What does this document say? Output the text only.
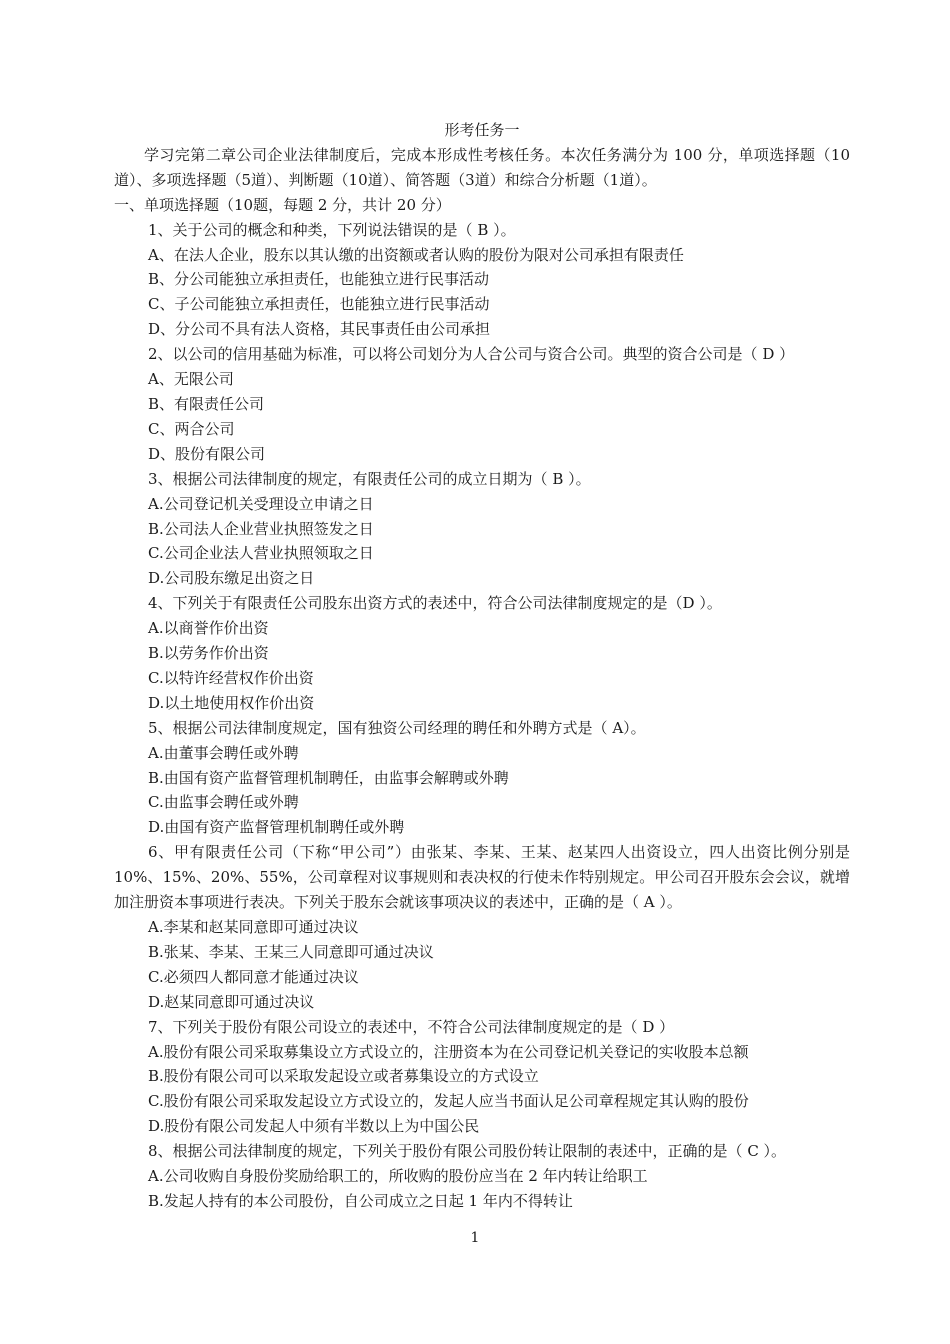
形考任务一

学习完第二章公司企业法律制度后，完成本形成性考核任务。本次任务满分为 100 分，单项选择题（10道）、多项选择题（5道）、判断题（10道）、简答题（3道）和综合分析题（1道）。

一、单项选择题（10题，每题 2 分，共计 20 分）

1、关于公司的概念和种类，下列说法错误的是（ B ）。

A、在法人企业，股东以其认缴的出资额或者认购的股份为限对公司承担有限责任

B、分公司能独立承担责任，也能独立进行民事活动

C、子公司能独立承担责任，也能独立进行民事活动

D、分公司不具有法人资格，其民事责任由公司承担

2、以公司的信用基础为标准，可以将公司划分为人合公司与资合公司。典型的资合公司是（ D ）

A、无限公司

B、有限责任公司

C、两合公司

D、股份有限公司

3、根据公司法律制度的规定，有限责任公司的成立日期为（ B ）。

A.公司登记机关受理设立申请之日

B.公司法人企业营业执照签发之日

C.公司企业法人营业执照领取之日

D.公司股东缴足出资之日

4、下列关于有限责任公司股东出资方式的表述中，符合公司法律制度规定的是（D ）。

A.以商誉作价出资

B.以劳务作价出资

C.以特许经营权作价出资

D.以土地使用权作价出资

5、根据公司法律制度规定，国有独资公司经理的聘任和外聘方式是（ A）。

A.由董事会聘任或外聘

B.由国有资产监督管理机制聘任，由监事会解聘或外聘

C.由监事会聘任或外聘

D.由国有资产监督管理机制聘任或外聘

6、甲有限责任公司（下称“甲公司”）由张某、李某、王某、赵某四人出资设立，四人出资比例分别是 10%、15%、20%、55%，公司章程对议事规则和表决权的行使未作特别规定。甲公司召开股东会会议，就增加注册资本事项进行表决。下列关于股东会就该事项决议的表述中，正确的是（ A ）。

A.李某和赵某同意即可通过决议

B.张某、李某、王某三人同意即可通过决议

C.必须四人都同意才能通过决议

D.赵某同意即可通过决议

7、下列关于股份有限公司设立的表述中，不符合公司法律制度规定的是（ D ）

A.股份有限公司采取募集设立方式设立的，注册资本为在公司登记机关登记的实收股本总额

B.股份有限公司可以采取发起设立或者募集设立的方式设立

C.股份有限公司采取发起设立方式设立的，发起人应当书面认足公司章程规定其认购的股份

D.股份有限公司发起人中须有半数以上为中国公民

8、根据公司法律制度的规定，下列关于股份有限公司股份转让限制的表述中，正确的是（ C ）。

A.公司收购自身股份奖励给职工的，所收购的股份应当在 2 年内转让给职工

B.发起人持有的本公司股份，自公司成立之日起 1 年内不得转让

1
